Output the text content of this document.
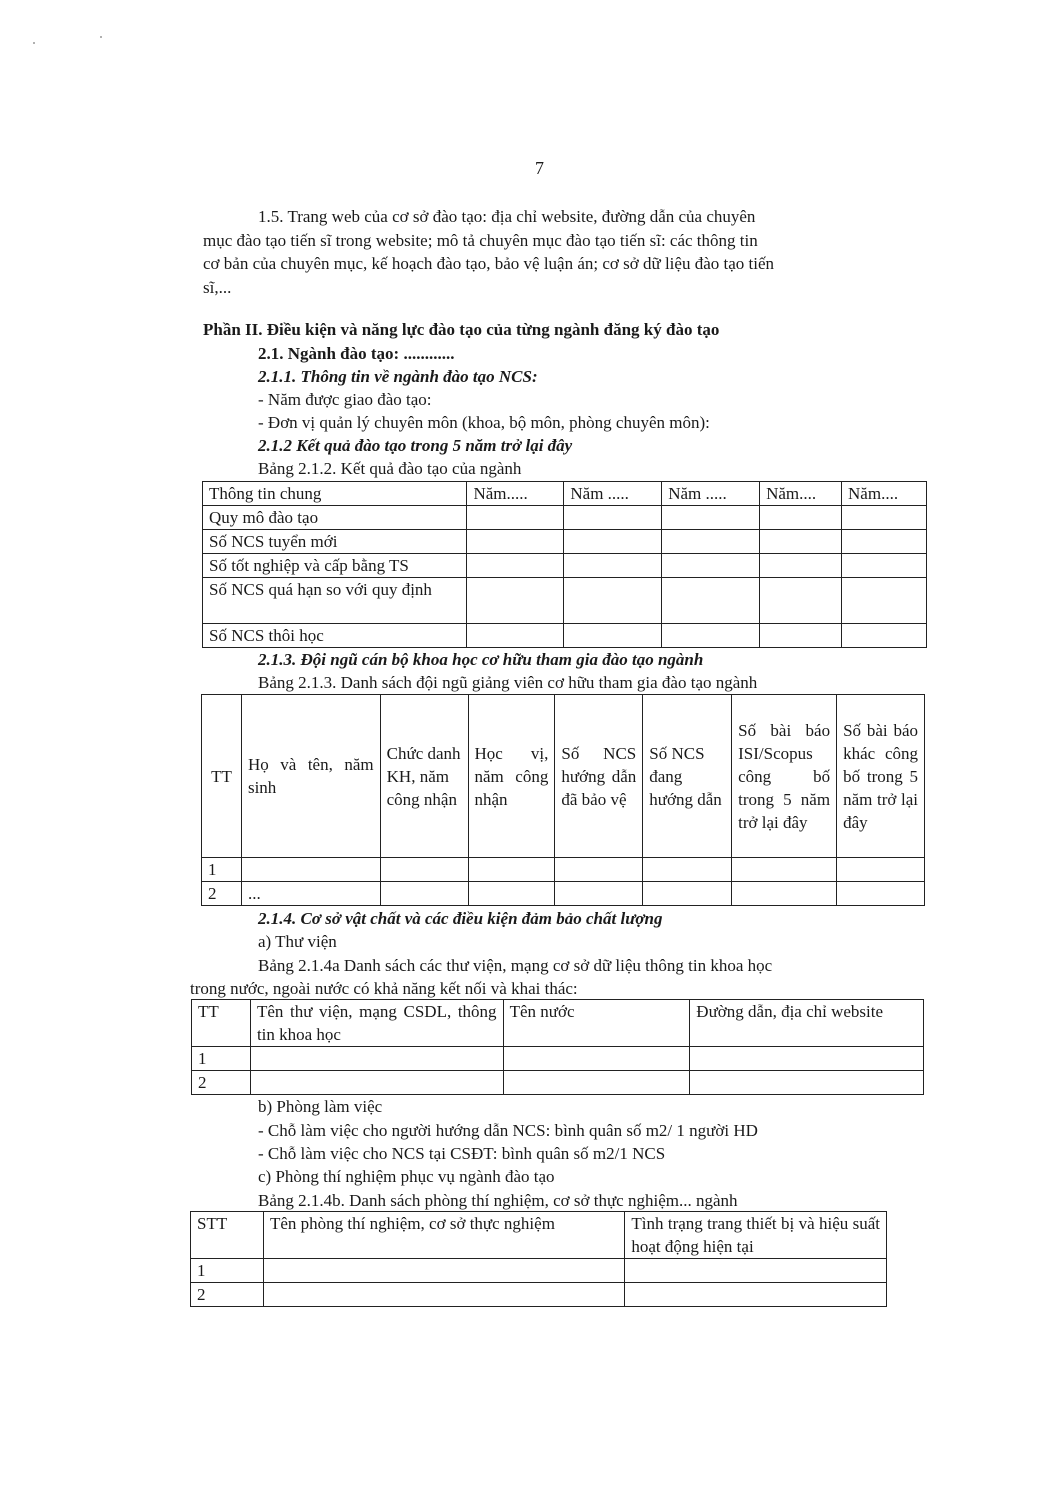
7
1.5. Trang web của cơ sở đào tạo: địa chỉ website, đường dẫn của chuyên
mục đào tạo tiến sĩ trong website; mô tả chuyên mục đào tạo tiến sĩ: các thông tin
cơ bản của chuyên mục, kế hoạch đào tạo, bảo vệ luận án; cơ sở dữ liệu đào tạo tiến
sĩ,...
Phần II. Điều kiện và năng lực đào tạo của từng ngành đăng ký đào tạo
2.1. Ngành đào tạo: ............
2.1.1. Thông tin về ngành đào tạo NCS:
- Năm được giao đào tạo:
- Đơn vị quản lý chuyên môn (khoa, bộ môn, phòng chuyên môn):
2.1.2 Kết quả đào tạo trong 5 năm trở lại đây
Bảng 2.1.2. Kết quả đào tạo của ngành
Thông tin chung	Năm.....	Năm .....	Năm .....	Năm....	Năm....
Quy mô đào tạo					
Số NCS tuyển mới					
Số tốt nghiệp và cấp bằng TS					
Số NCS quá hạn so với quy định					
Số NCS thôi học					
2.1.3. Đội ngũ cán bộ khoa học cơ hữu tham gia đào tạo ngành
Bảng 2.1.3. Danh sách đội ngũ giảng viên cơ hữu tham gia đào tạo ngành
TT	Họ và tên, năm sinh	Chức danh KH, năm công nhận	Học vị, năm công nhận	Số NCS hướng dẫn đã bảo vệ	Số NCS đang hướng dẫn	Số bài báo ISI/Scopus công bố trong 5 năm trở lại đây	Số bài báo khác công bố trong 5 năm trở lại đây
1							
2	...						
2.1.4. Cơ sở vật chất và các điều kiện đảm bảo chất lượng
a) Thư viện
Bảng 2.1.4a Danh sách các thư viện, mạng cơ sở dữ liệu thông tin khoa học
trong nước, ngoài nước có khả năng kết nối và khai thác:
TT	Tên thư viện, mạng CSDL, thông tin khoa học	Tên nước	Đường dẫn, địa chỉ website
1			
2			
b) Phòng làm việc
- Chỗ làm việc cho người hướng dẫn NCS: bình quân số m2/ 1 người HD
- Chỗ làm việc cho NCS tại CSĐT: bình quân số m2/1 NCS
c) Phòng thí nghiệm phục vụ ngành đào tạo
Bảng 2.1.4b. Danh sách phòng thí nghiệm, cơ sở thực nghiệm... ngành
STT	Tên phòng thí nghiệm, cơ sở thực nghiệm	Tình trạng trang thiết bị và hiệu suất hoạt động hiện tại
1		
2		
